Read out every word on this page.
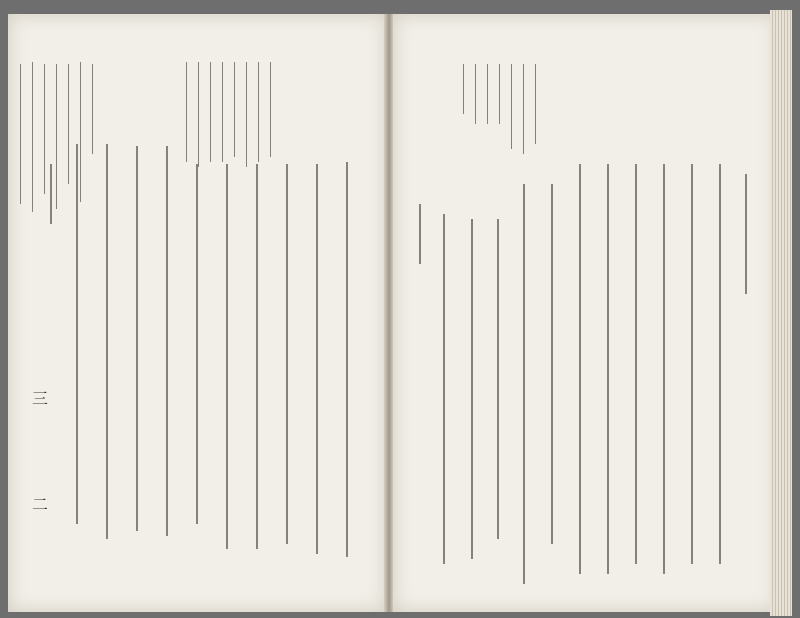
三
二
